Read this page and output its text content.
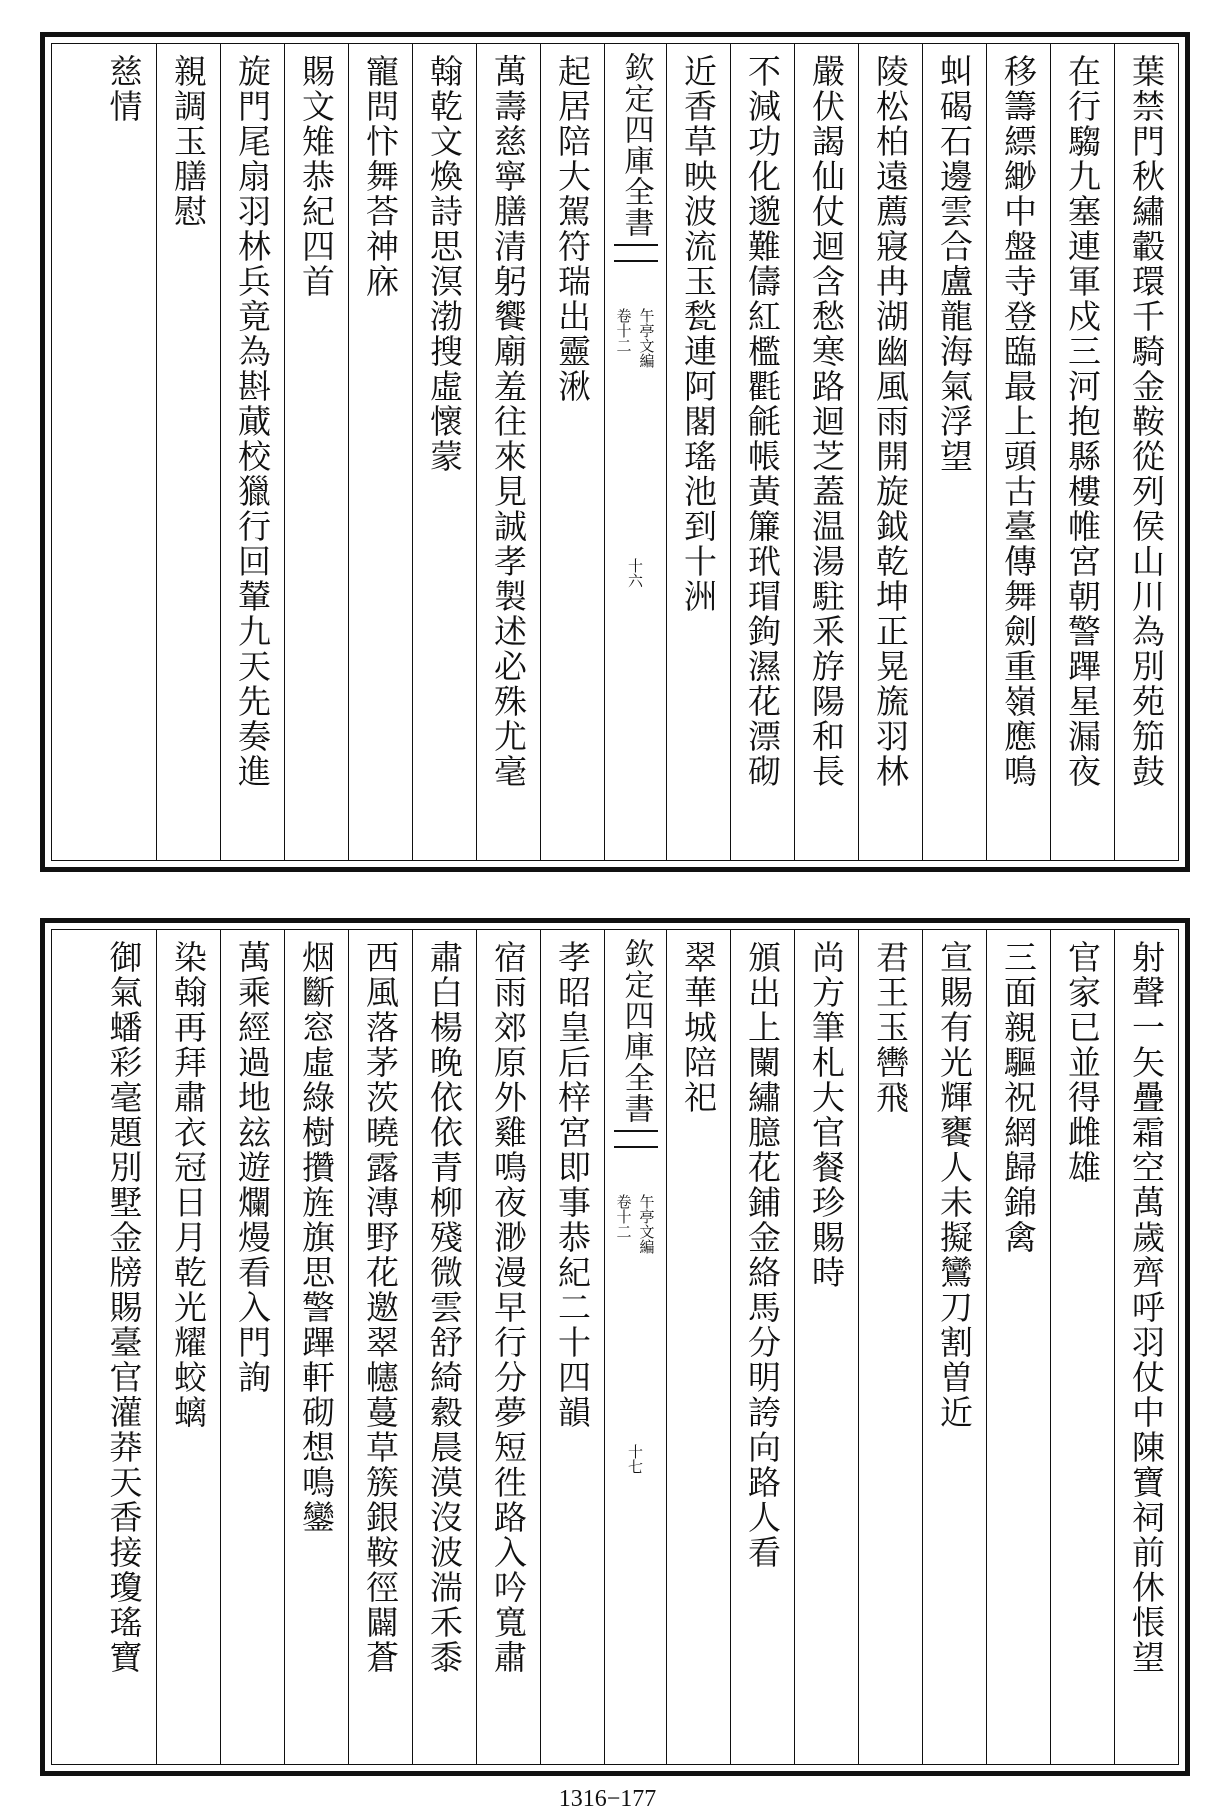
葉禁門秋繡轂環千騎金鞍從列侯山川為別苑笳鼓
在行騶九塞連軍戍三河抱縣樓帷宮朝警蹕星漏夜
移籌縹緲中盤寺登臨最上頭古臺傳舞劍重嶺應鳴
虯碣石邊雲合盧龍海氣浮望
陵松柏遠薦寢冉湖幽風雨開旋鉞乾坤正晃旒羽林
嚴伏謁仙仗迴含愁寒路迴芝蓋温湯駐釆斿陽和長
不減功化邈難儔紅檻氍毹帳黃簾玳瑁鉤濕花漂砌
近香草映波流玉甃連阿閣瑤池到十洲
欽定四庫全書
午亭文編
卷十二
十六
起居陪大駕符瑞出靈湫
萬壽慈寧膳清躬饗廟羞往來見誠孝製述必殊尤毫
翰乾文煥詩思溟渤搜虛懷蒙
寵問忭舞荅神庥
賜文雉恭紀四首
旋門尾扇羽林兵竟為斟蕆校獵行回輦九天先奏進
親調玉膳慰
慈情
射聲一矢疊霜空萬歲齊呼羽仗中陳寶祠前休悵望
官家已並得雌雄
三面親驅祝網歸錦禽
宣賜有光輝饔人未擬鸞刀割曽近
君王玉轡飛
尚方筆札大官餐珍賜時
頒出上闌繡臆花鋪金絡馬分明誇向路人看
翠華城陪祀
欽定四庫全書
午亭文編
卷十二
十七
孝昭皇后梓宮即事恭紀二十四韻
宿雨郊原外雞鳴夜渺漫早行分夢短徃路入吟寬肅
肅白楊晚依依青柳殘微雲舒綺縠晨漠沒波湍禾黍
西風落茅茨曉露漙野花邀翠幰蔓草簇銀鞍徑闢蒼
烟斷窓虛綠樹攢旌旗思警蹕軒砌想鳴鑾
萬乘經過地玆遊爛熳看入門詢
染翰再拜肅衣冠日月乾光耀蛟螭
御氣蟠彩毫題別墅金牓賜臺官灌莽天香接瓊瑤寶
1316−177
